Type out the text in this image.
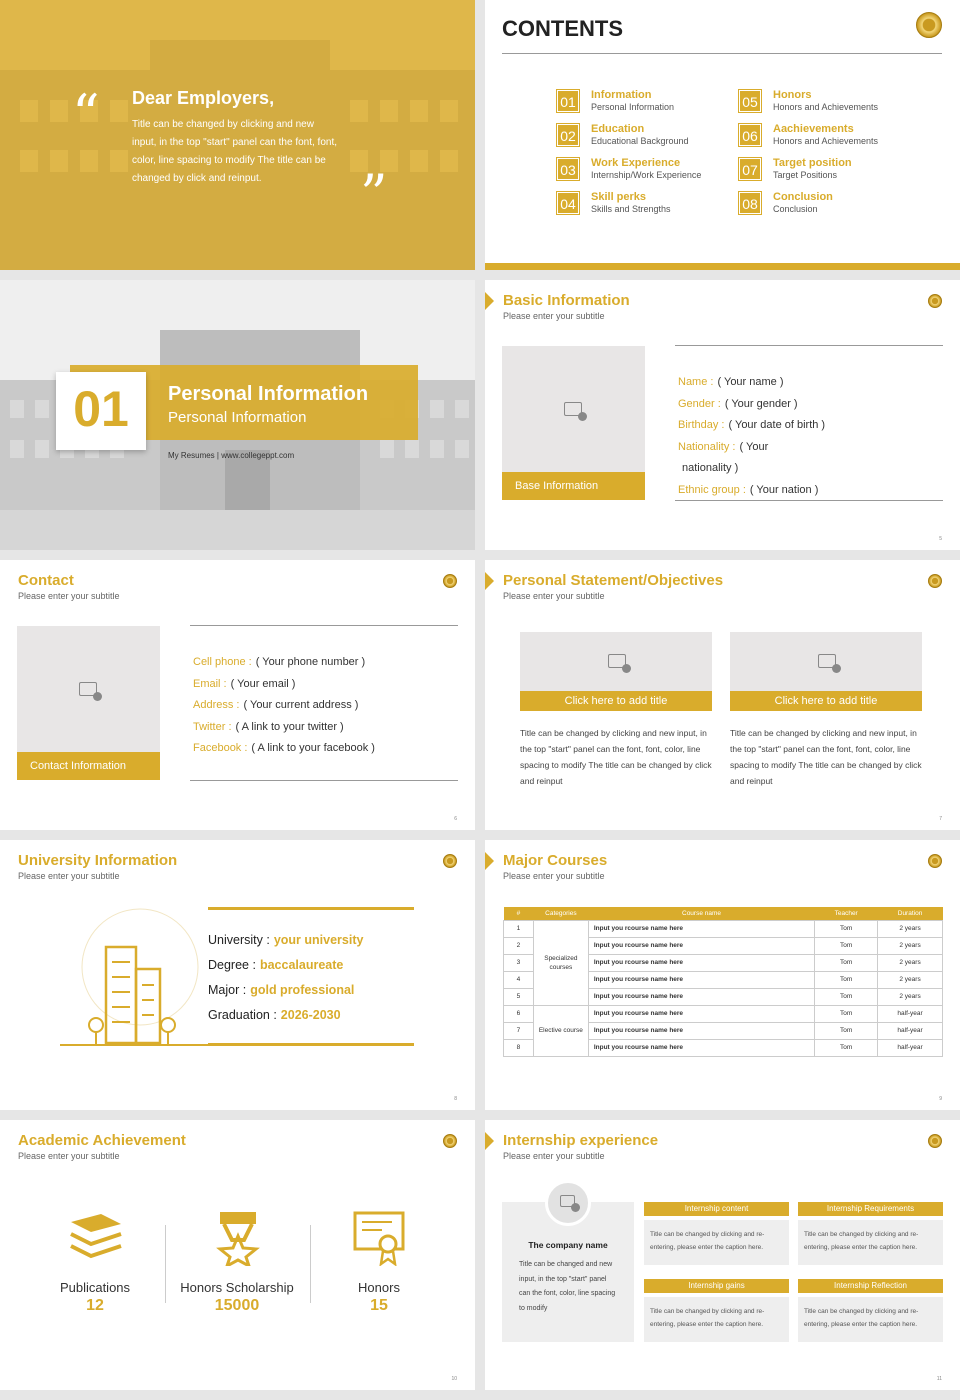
“ Dear Employers,
Title can be changed by clicking and new input, in the top "start" panel can the font, font, color, line spacing to modify The title can be changed by click and reinput.	”
CONTENTS
01 Information
Personal Information
02 Education
Educational Background
03 Work Experience
Internship/Work Experience
04 Skill perks
Skills and Strengths
05 Honors
Honors and Achievements
06 Aachievements
Honors and Achievements
07 Target position
Target Positions
08 Conclusion
Conclusion
01	Personal Information
Personal Information
My Resumes | www.collegeppt.com
Basic Information
Please enter your subtitle
Base Information
Name : ( Your name )
Gender : ( Your gender )
Birthday : ( Your date of birth )
Nationality : ( Your
nationality )
Ethnic group : ( Your nation )
5
Contact
Please enter your subtitle
Contact Information
Cell phone : ( Your phone number )
Email : ( Your email )
Address : ( Your current address )
Twitter : ( A link to your twitter )
Facebook : ( A link to your facebook )
6
Personal Statement/Objectives
Please enter your subtitle
Click here to add title
Title can be changed by clicking and new input, in the top "start" panel can the font, font, color, line spacing to modify The title can be changed by click and reinput
Click here to add title
Title can be changed by clicking and new input, in the top "start" panel can the font, font, color, line spacing to modify The title can be changed by click and reinput
7
University Information
Please enter your subtitle
University : your university
Degree : baccalaureate
Major : gold professional
Graduation : 2026-2030
8
Major Courses
Please enter your subtitle
#	Categories	Course name	Teacher	Duration
1	Specialized courses	Input you rcourse name here	Tom	2 years
2		Input you rcourse name here	Tom	2 years
3		Input you rcourse name here	Tom	2 years
4		Input you rcourse name here	Tom	2 years
5		Input you rcourse name here	Tom	2 years
6	Elective course	Input you rcourse name here	Tom	half-year
7		Input you rcourse name here	Tom	half-year
8		Input you rcourse name here	Tom	half-year
9
Academic Achievement
Please enter your subtitle
Publications
12
Honors Scholarship
15000
Honors
15
10
Internship experience
Please enter your subtitle
The company name
Title can be changed and new input, in the top "start" panel can the font, color, line spacing to modify
Internship content
Title can be changed by clicking and re-entering, please enter the caption here.
Internship Requirements
Title can be changed by clicking and re-entering, please enter the caption here.
Internship gains
Title can be changed by clicking and re-entering, please enter the caption here.
Internship Reflection
Title can be changed by clicking and re-entering, please enter the caption here.
11
